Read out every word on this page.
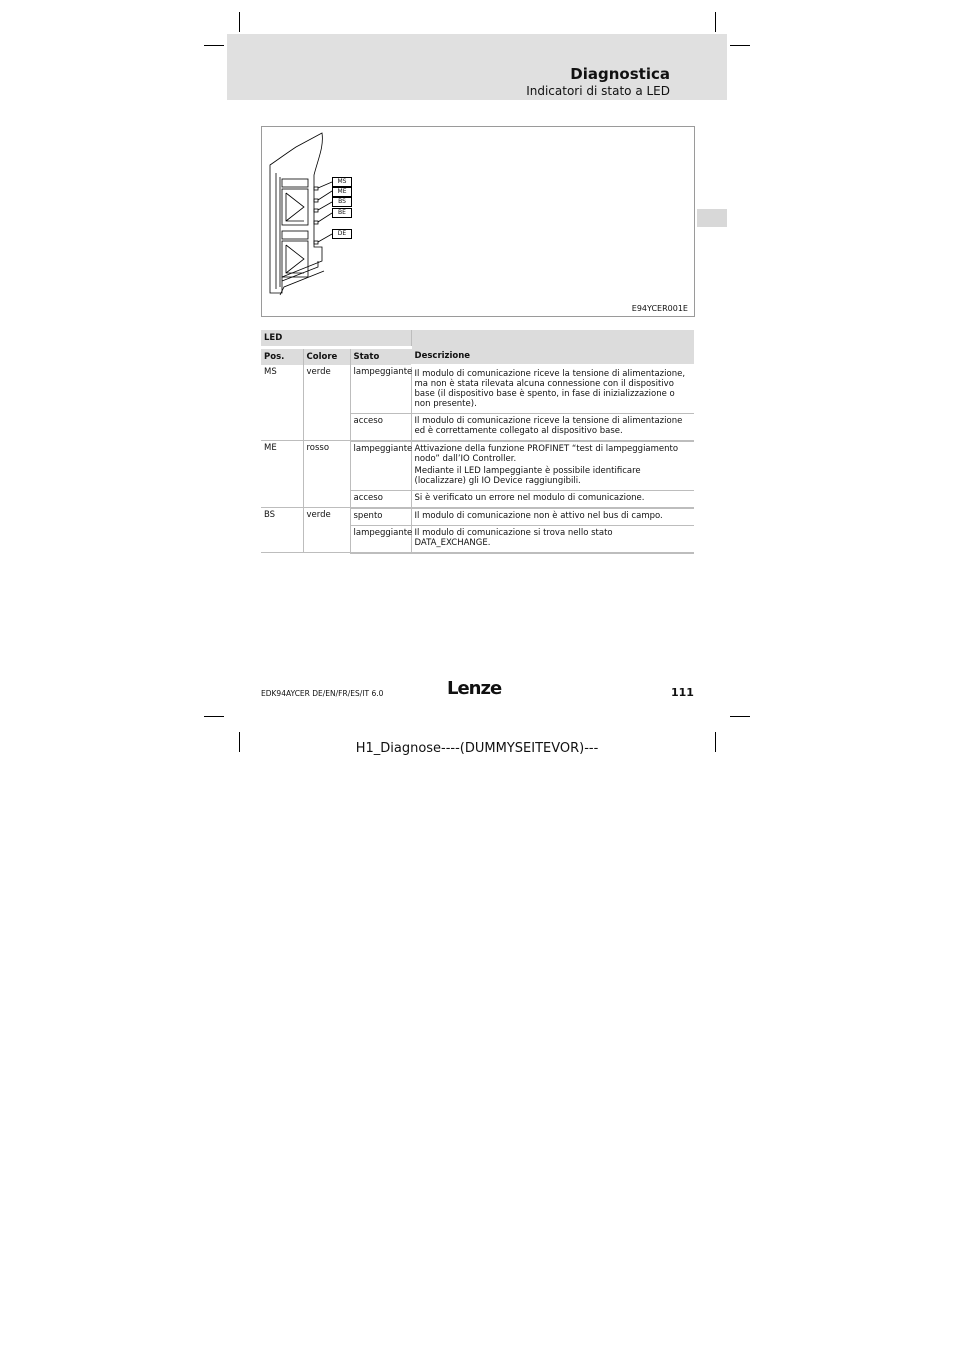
Diagnostica
Indicatori di stato a LED
MS
ME
BS
BE
DE
E94YCER001E
LED			Descrizione
Pos.	Colore	Stato	
MS	verde	lampeggiante	Il modulo di comunicazione riceve la tensione di alimentazione, ma non è stata rilevata alcuna connessione con il dispositivo base (il dispositivo base è spento, in fase di inizializzazione o non presente).

		acceso	Il modulo di comunicazione riceve la tensione di alimentazione ed è correttamente collegato al dispositivo base.

ME	rosso	lampeggiante	Attivazione della funzione PROFINET “test di lampeggiamento nodo” dall’IO Controller.

Mediante il LED lampeggiante è possibile identificare (localizzare) gli IO Device raggiungibili.

		acceso	Si è verificato un errore nel modulo di comunicazione.

BS	verde	spento	Il modulo di comunicazione non è attivo nel bus di campo.

		lampeggiante	Il modulo di comunicazione si trova nello stato DATA_EXCHANGE.

EDK94AYCER DE/EN/FR/ES/IT 6.0	Lenze	111
H1_Diagnose----(DUMMYSEITEVOR)---
